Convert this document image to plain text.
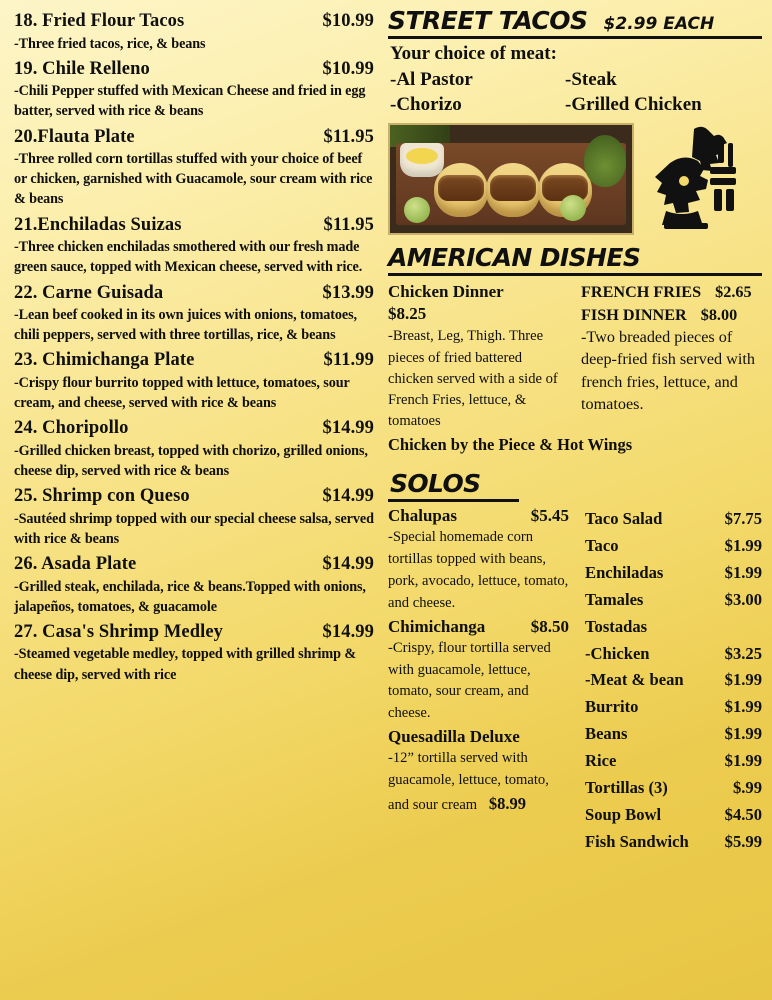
18. Fried Flour Tacos	$10.99
-Three fried tacos, rice, & beans
19. Chile Relleno	$10.99
-Chili Pepper stuffed with Mexican Cheese and fried in egg batter, served with rice & beans
20.Flauta Plate	$11.95
-Three rolled corn tortillas stuffed with your choice of beef or chicken, garnished with Guacamole, sour cream with rice & beans
21.Enchiladas Suizas	$11.95
-Three chicken enchiladas smothered with our fresh made green sauce, topped with Mexican cheese, served with rice.
22. Carne Guisada	$13.99
-Lean beef cooked in its own juices with onions, tomatoes, chili peppers, served with three tortillas, rice, & beans
23. Chimichanga Plate	$11.99
-Crispy flour burrito topped with lettuce, tomatoes, sour cream, and cheese, served with rice & beans
24. Choripollo	$14.99
-Grilled chicken breast, topped with chorizo, grilled onions, cheese dip, served with rice & beans
25. Shrimp con Queso	$14.99
-Sautéed shrimp topped with our special cheese salsa, served with rice & beans
26. Asada Plate	$14.99
-Grilled steak, enchilada, rice & beans.Topped with onions, jalapeños, tomatoes, & guacamole
27. Casa's Shrimp Medley	$14.99
-Steamed vegetable medley, topped with grilled shrimp & cheese dip, served with rice
STREET TACOS $2.99 EACH
Your choice of meat:
-Al Pastor	-Steak
-Chorizo	-Grilled Chicken
AMERICAN DISHES
Chicken Dinner
$8.25
-Breast, Leg, Thigh. Three pieces of fried battered chicken served with a side of French Fries, lettuce, & tomatoes
FRENCH FRIES $2.65
FISH DINNER $8.00
-Two breaded pieces of deep-fried fish served with french fries, lettuce, and tomatoes.
Chicken by the Piece & Hot Wings
SOLOS
Chalupas	$5.45
-Special homemade corn tortillas topped with beans, pork, avocado, lettuce, tomato, and cheese.
Chimichanga	$8.50
-Crispy, flour tortilla served with guacamole, lettuce, tomato, sour cream, and cheese.
Quesadilla Deluxe
-12” tortilla served with guacamole, lettuce, tomato, and sour cream $8.99
Taco Salad	$7.75
Taco	$1.99
Enchiladas	$1.99
Tamales	$3.00
Tostadas
-Chicken	$3.25
-Meat & bean	$1.99
Burrito	$1.99
Beans	$1.99
Rice	$1.99
Tortillas (3)	$.99
Soup Bowl	$4.50
Fish Sandwich	$5.99
